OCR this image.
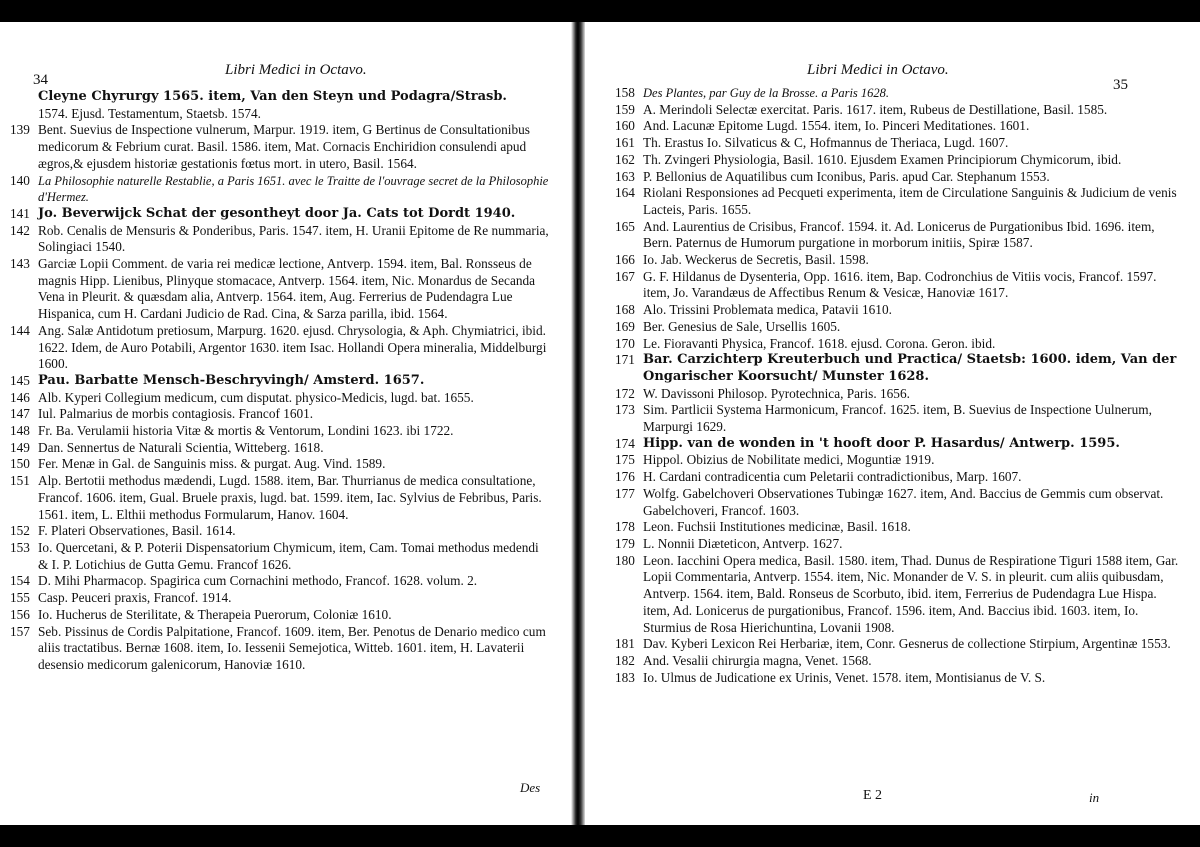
34
Libri Medici in Octavo.
Cleyne Chyrurgy 1565. item, Van den Steyn und Podagra/Strasb.
1574. Ejusd. Testamentum, Staetsb. 1574.
139 Bent. Suevius de Inspectione vulnerum, Marpur. 1919. item, G Bertinus de Consultationibus medicorum & Febrium curat. Basil. 1586. item, Mat. Cornacis Enchiridion consulendi apud ægros,& ejusdem historiæ gestationis fœtus mort. in utero, Basil. 1564.
140 La Philosophie naturelle Restablie, a Paris 1651. avec le Traitte de l'ouvrage secret de la Philosophie d'Hermez.
141 Jo. Beverwijck Schat der gesontheyt door Ja. Cats tot Dordt 1940.
142 Rob. Cenalis de Mensuris & Ponderibus, Paris. 1547. item, H. Uranii Epitome de Re nummaria, Solingiaci 1540.
143 Garciæ Lopii Comment. de varia rei medicæ lectione, Antverp. 1594. item, Bal. Ronsseus de magnis Hipp. Lienibus, Plinyque stomacace, Antverp. 1564. item, Nic. Monardus de Secanda Vena in Pleurit. & quæsdam alia, Antverp. 1564. item, Aug. Ferrerius de Pudendagra Lue Hispanica, cum H. Cardani Judicio de Rad. Cina, & Sarza parilla, ibid. 1564.
144 Ang. Salæ Antidotum pretiosum, Marpurg. 1620. ejusd. Chrysologia, & Aph. Chymiatrici, ibid. 1622. Idem, de Auro Potabili, Argentor 1630. item Isac. Hollandi Opera mineralia, Middelburgi 1600.
145 Pau. Barbatte Mensch-Beschryvingh/ Amsterd. 1657.
146 Alb. Kyperi Collegium medicum, cum disputat. physico-Medicis, lugd. bat. 1655.
147 Iul. Palmarius de morbis contagiosis. Francof 1601.
148 Fr. Ba. Verulamii historia Vitæ & mortis & Ventorum, Londini 1623. ibi 1722.
149 Dan. Sennertus de Naturali Scientia, Witteberg. 1618.
150 Fer. Menæ in Gal. de Sanguinis miss. & purgat. Aug. Vind. 1589.
151 Alp. Bertotii methodus mædendi, Lugd. 1588. item, Bar. Thurrianus de medica consultatione, Francof. 1606. item, Gual. Bruele praxis, lugd. bat. 1599. item, Iac. Sylvius de Febribus, Paris. 1561. item, L. Elthii methodus Formularum, Hanov. 1604.
152 F. Plateri Observationes, Basil. 1614.
153 Io. Quercetani, & P. Poterii Dispensatorium Chymicum, item, Cam. Tomai methodus medendi & I. P. Lotichius de Gutta Gemu. Francof 1626.
154 D. Mihi Pharmacop. Spagirica cum Cornachini methodo, Francof. 1628. volum. 2.
155 Casp. Peuceri praxis, Francof. 1914.
156 Io. Hucherus de Sterilitate, & Therapeia Puerorum, Coloniæ 1610.
157 Seb. Pissinus de Cordis Palpitatione, Francof. 1609. item, Ber. Penotus de Denario medico cum aliis tractatibus. Bernæ 1608. item, Io. Iessenii Semejotica, Witteb. 1601. item, H. Lavaterii desensio medicorum galenicorum, Hanoviæ 1610.
Des
Libri Medici in Octavo.
35
158 Des Plantes, par Guy de la Brosse. a Paris 1628.
159 A. Merindoli Selectæ exercitat. Paris. 1617. item, Rubeus de Destillatione, Basil. 1585.
160 And. Lacunæ Epitome Lugd. 1554. item, Io. Pinceri Meditationes. 1601.
161 Th. Erastus Io. Silvaticus & C, Hofmannus de Theriaca, Lugd. 1607.
162 Th. Zvingeri Physiologia, Basil. 1610. Ejusdem Examen Principiorum Chymicorum, ibid.
163 P. Bellonius de Aquatilibus cum Iconibus, Paris. apud Car. Stephanum 1553.
164 Riolani Responsiones ad Pecqueti experimenta, item de Circulatione Sanguinis & Judicium de venis Lacteis, Paris. 1655.
165 And. Laurentius de Crisibus, Francof. 1594. it. Ad. Lonicerus de Purgationibus Ibid. 1696. item, Bern. Paternus de Humorum purgatione in morborum initiis, Spiræ 1587.
166 Io. Jab. Weckerus de Secretis, Basil. 1598.
167 G. F. Hildanus de Dysenteria, Opp. 1616. item, Bap. Codronchius de Vitiis vocis, Francof. 1597. item, Jo. Varandæus de Affectibus Renum & Vesicæ, Hanoviæ 1617.
168 Alo. Trissini Problemata medica, Patavii 1610.
169 Ber. Genesius de Sale, Ursellis 1605.
170 Le. Fioravanti Physica, Francof. 1618. ejusd. Corona. Geron. ibid.
171 Bar. Carzichterp Kreuterbuch und Practica/ Staetsb: 1600. idem, Van der Ongarischer Koorsucht/ Munster 1628.
172 W. Davissoni Philosop. Pyrotechnica, Paris. 1656.
173 Sim. Partlicii Systema Harmonicum, Francof. 1625. item, B. Suevius de Inspectione Uulnerum, Marpurgi 1629.
174 Hipp. van de wonden in 't hooft door P. Hasardus/ Antwerp. 1595.
175 Hippol. Obizius de Nobilitate medici, Moguntiæ 1919.
176 H. Cardani contradicentia cum Peletarii contradictionibus, Marp. 1607.
177 Wolfg. Gabelchoveri Observationes Tubingæ 1627. item, And. Baccius de Gemmis cum observat. Gabelchoveri, Francof. 1603.
178 Leon. Fuchsii Institutiones medicinæ, Basil. 1618.
179 L. Nonnii Diæteticon, Antverp. 1627.
180 Leon. Iacchini Opera medica, Basil. 1580. item, Thad. Dunus de Respiratione Tiguri 1588 item, Gar. Lopii Commentaria, Antverp. 1554. item, Nic. Monander de V. S. in pleurit. cum aliis quibusdam, Antverp. 1564. item, Bald. Ronseus de Scorbuto, ibid. item, Ferrerius de Pudendagra Lue Hispa. item, Ad. Lonicerus de purgationibus, Francof. 1596. item, And. Baccius ibid. 1603. item, Io. Sturmius de Rosa Hierichuntina, Lovanii 1908.
181 Dav. Kyberi Lexicon Rei Herbariæ, item, Conr. Gesnerus de collectione Stirpium, Argentinæ 1553.
182 And. Vesalii chirurgia magna, Venet. 1568.
183 Io. Ulmus de Judicatione ex Urinis, Venet. 1578. item, Montisianus de V. S.
E 2	in
